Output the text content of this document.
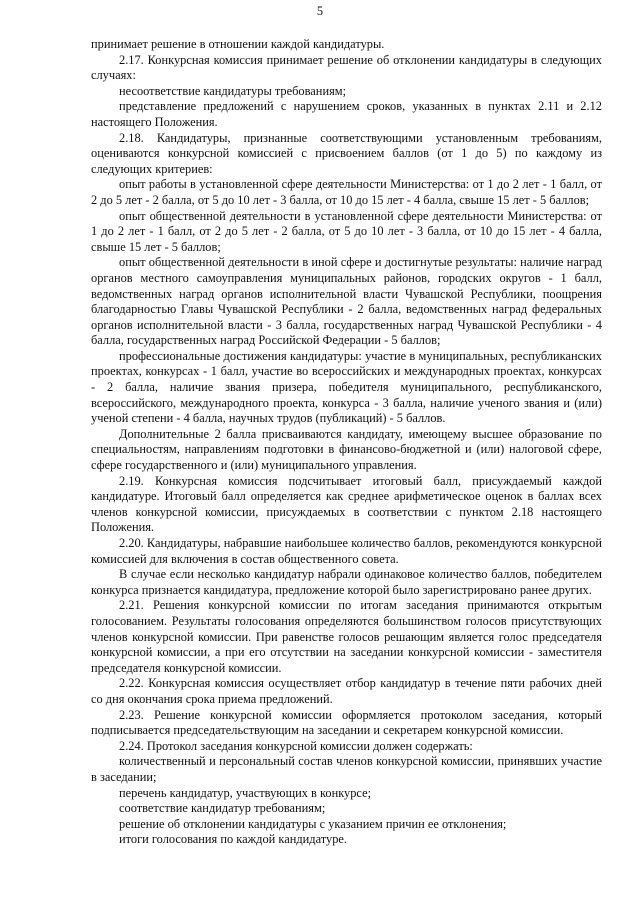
5

принимает решение в отношении каждой кандидатуры.

2.17. Конкурсная комиссия принимает решение об отклонении кандидатуры в следующих случаях:

несоответствие кандидатуры требованиям;

представление предложений с нарушением сроков, указанных в пунктах 2.11 и 2.12 настоящего Положения.

2.18. Кандидатуры, признанные соответствующими установленным требованиям, оцениваются конкурсной комиссией с присвоением баллов (от 1 до 5) по каждому из следующих критериев:

опыт работы в установленной сфере деятельности Министерства: от 1 до 2 лет - 1 балл, от 2 до 5 лет - 2 балла, от 5 до 10 лет - 3 балла, от 10 до 15 лет - 4 балла, свыше 15 лет - 5 баллов;

опыт общественной деятельности в установленной сфере деятельности Министерства: от 1 до 2 лет - 1 балл, от 2 до 5 лет - 2 балла, от 5 до 10 лет - 3 балла, от 10 до 15 лет - 4 балла, свыше 15 лет - 5 баллов;

опыт общественной деятельности в иной сфере и достигнутые результаты: наличие наград органов местного самоуправления муниципальных районов, городских округов - 1 балл, ведомственных наград органов исполнительной власти Чувашской Республики, поощрения благодарностью Главы Чувашской Республики - 2 балла, ведомственных наград федеральных органов исполнительной власти - 3 балла, государственных наград Чувашской Республики - 4 балла, государственных наград Российской Федерации - 5 баллов;

профессиональные достижения кандидатуры: участие в муниципальных, республиканских проектах, конкурсах - 1 балл, участие во всероссийских и международных проектах, конкурсах - 2 балла, наличие звания призера, победителя муниципального, республиканского, всероссийского, международного проекта, конкурса - 3 балла, наличие ученого звания и (или) ученой степени - 4 балла, научных трудов (публикаций) - 5 баллов.

Дополнительные 2 балла присваиваются кандидату, имеющему высшее образование по специальностям, направлениям подготовки в финансово-бюджетной и (или) налоговой сфере, сфере государственного и (или) муниципального управления.

2.19. Конкурсная комиссия подсчитывает итоговый балл, присуждаемый каждой кандидатуре. Итоговый балл определяется как среднее арифметическое оценок в баллах всех членов конкурсной комиссии, присуждаемых в соответствии с пунктом 2.18 настоящего Положения.

2.20. Кандидатуры, набравшие наибольшее количество баллов, рекомендуются конкурсной комиссией для включения в состав общественного совета.

В случае если несколько кандидатур набрали одинаковое количество баллов, победителем конкурса признается кандидатура, предложение которой было зарегистрировано ранее других.

2.21. Решения конкурсной комиссии по итогам заседания принимаются открытым голосованием. Результаты голосования определяются большинством голосов присутствующих членов конкурсной комиссии. При равенстве голосов решающим является голос председателя конкурсной комиссии, а при его отсутствии на заседании конкурсной комиссии - заместителя председателя конкурсной комиссии.

2.22. Конкурсная комиссия осуществляет отбор кандидатур в течение пяти рабочих дней со дня окончания срока приема предложений.

2.23. Решение конкурсной комиссии оформляется протоколом заседания, который подписывается председательствующим на заседании и секретарем конкурсной комиссии.

2.24. Протокол заседания конкурсной комиссии должен содержать:

количественный и персональный состав членов конкурсной комиссии, принявших участие в заседании;

перечень кандидатур, участвующих в конкурсе;

соответствие кандидатур требованиям;

решение об отклонении кандидатуры с указанием причин ее отклонения;

итоги голосования по каждой кандидатуре.
